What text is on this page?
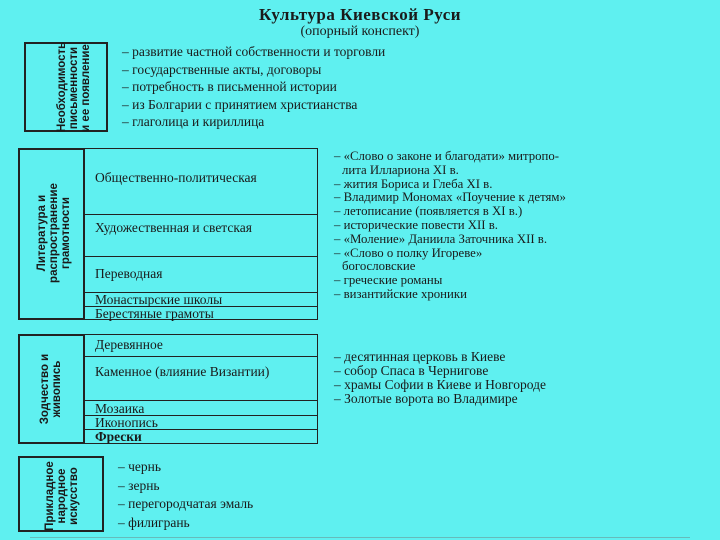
Культура Киевской Руси
(опорный конспект)
Необходимость письменности и ее появление – развитие частной собственности и торговли
– государственные акты, договоры
– потребность в письменной истории
– из Болгарии с принятием христианства
– глаголица и кириллица
Литература и распространение грамотности
Общественно-политическая
Художественная и светская
Переводная
Монастырские школы
Берестяные грамоты
– «Слово о законе и благодати» митропо-
лита Иллариона XI в.
– жития Бориса и Глеба XI в.
– Владимир Мономах «Поучение к детям»
– летописание (появляется в XI в.)
– исторические повести XII в.
– «Моление» Даниила Заточника XII в.
– «Слово о полку Игореве»
богословские
– греческие романы
– византийские хроники
Зодчество и живопись
Деревянное
Каменное (влияние Византии)
Мозаика
Иконопись
Фрески
– десятинная церковь в Киеве
– собор Спаса в Чернигове
– храмы Софии в Киеве и Новгороде
– Золотые ворота во Владимире
Прикладное народное искусство
– чернь
– зернь
– перегородчатая эмаль
– филигрань
